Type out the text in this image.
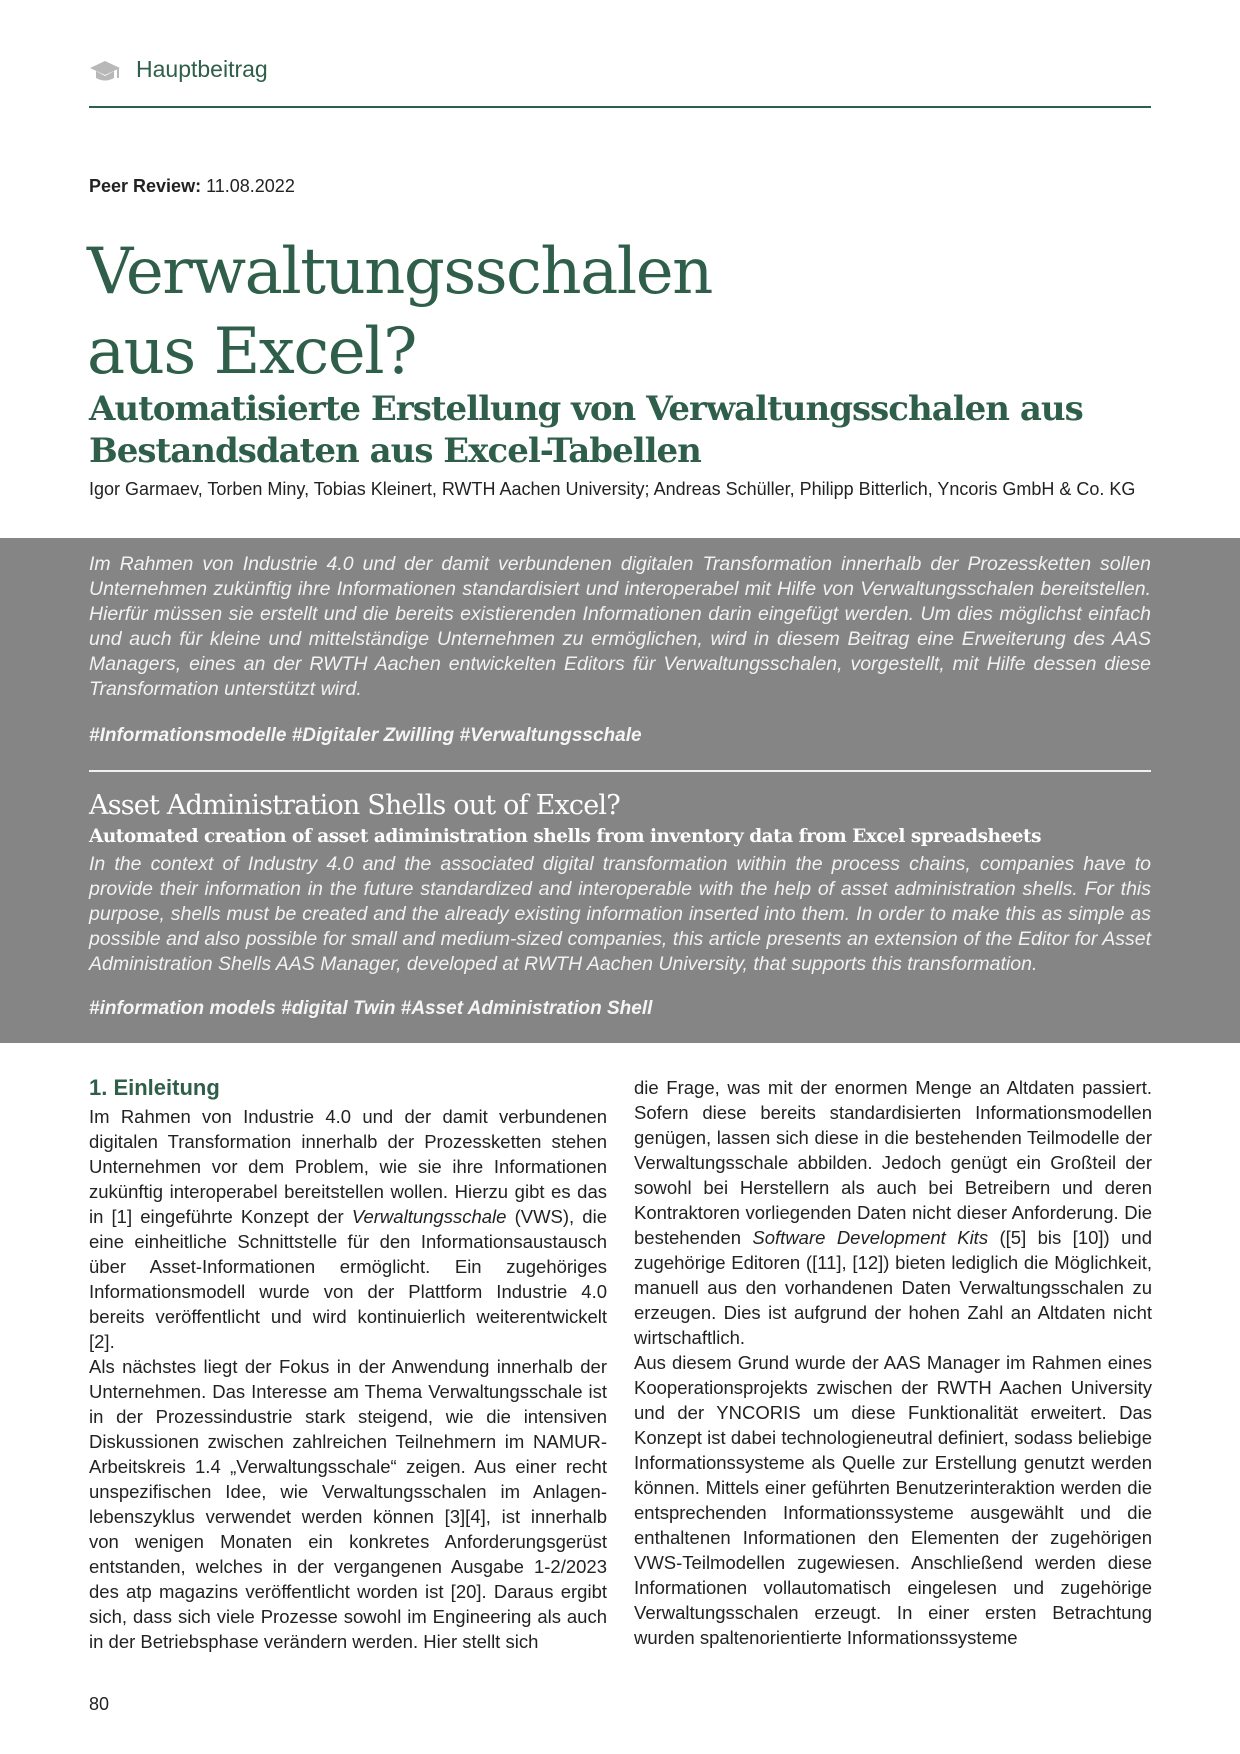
Hauptbeitrag
Peer Review: 11.08.2022
Verwaltungsschalen
aus Excel?
Automatisierte Erstellung von Verwaltungsschalen aus Bestandsdaten aus Excel-Tabellen
Igor Garmaev, Torben Miny, Tobias Kleinert, RWTH Aachen University; Andreas Schüller, Philipp Bitterlich, Yncoris GmbH & Co. KG
Im Rahmen von Industrie 4.0 und der damit verbundenen digitalen Transformation innerhalb der Prozessketten sollen Unternehmen zukünftig ihre Informationen standardisiert und interoperabel mit Hilfe von Verwaltungsschalen bereitstellen. Hierfür müssen sie erstellt und die bereits existierenden Informationen darin eingefügt werden. Um dies möglichst einfach und auch für kleine und mittelständige Unternehmen zu ermöglichen, wird in diesem Beitrag eine Erweiterung des AAS Managers, eines an der RWTH Aachen entwickelten Editors für Verwaltungsschalen, vorgestellt, mit Hilfe dessen diese Transformation unterstützt wird.
#Informationsmodelle #Digitaler Zwilling #Verwaltungsschale
Asset Administration Shells out of Excel?
Automated creation of asset adiministration shells from inventory data from Excel spreadsheets
In the context of Industry 4.0 and the associated digital transformation within the process chains, companies have to provide their information in the future standardized and interoperable with the help of asset administration shells. For this purpose, shells must be created and the already existing information inserted into them. In order to make this as simple as possible and also possible for small and medium-sized companies, this article presents an extension of the Editor for Asset Administration Shells AAS Manager, developed at RWTH Aachen University, that supports this transformation.
#information models #digital Twin #Asset Administration Shell
1. Einleitung

Im Rahmen von Industrie 4.0 und der damit verbundenen digitalen Transformation innerhalb der Prozessketten stehen Unternehmen vor dem Problem, wie sie ihre Informationen zukünftig interoperabel bereitstellen wollen. Hierzu gibt es das in [1] eingeführte Konzept der Verwaltungsschale (VWS), die eine einheitliche Schnittstelle für den Informationsaustausch über Asset-Informationen ermöglicht. Ein zugehöriges Informationsmodell wurde von der Plattform Industrie 4.0 bereits veröffentlicht und wird kontinuierlich weiterentwickelt [2].

Als nächstes liegt der Fokus in der Anwendung innerhalb der Unternehmen. Das Interesse am Thema Verwaltungsschale ist in der Prozessindustrie stark steigend, wie die intensiven Diskussionen zwischen zahlreichen Teilnehmern im NAMUR-Arbeitskreis 1.4 „Verwaltungsschale“ zeigen. Aus einer recht unspezifischen Idee, wie Verwaltungsschalen im Anlagenlebenszyklus verwendet werden können [3][4], ist innerhalb von wenigen Monaten ein konkretes Anforderungsgerüst entstanden, welches in der vergangenen Ausgabe 1-2/2023 des atp magazins veröffentlicht worden ist [20]. Daraus ergibt sich, dass sich viele Prozesse sowohl im Engineering als auch in der Betriebsphase verändern werden. Hier stellt sich

die Frage, was mit der enormen Menge an Altdaten passiert. Sofern diese bereits standardisierten Informationsmodellen genügen, lassen sich diese in die bestehenden Teilmodelle der Verwaltungsschale abbilden. Jedoch genügt ein Großteil der sowohl bei Herstellern als auch bei Betreibern und deren Kontraktoren vorliegenden Daten nicht dieser Anforderung. Die bestehenden Software Development Kits ([5] bis [10]) und zugehörige Editoren ([11], [12]) bieten lediglich die Möglichkeit, manuell aus den vorhandenen Daten Verwaltungsschalen zu erzeugen. Dies ist aufgrund der hohen Zahl an Altdaten nicht wirtschaftlich.

Aus diesem Grund wurde der AAS Manager im Rahmen eines Kooperationsprojekts zwischen der RWTH Aachen University und der YNCORIS um diese Funktionalität erweitert. Das Konzept ist dabei technologieneutral definiert, sodass beliebige Informationssysteme als Quelle zur Erstellung genutzt werden können. Mittels einer geführten Benutzerinteraktion werden die entsprechenden Informationssysteme ausgewählt und die enthaltenen Informationen den Elementen der zugehörigen VWS-Teilmodellen zugewiesen. Anschließend werden diese Informationen vollautomatisch eingelesen und zugehörige Verwaltungsschalen erzeugt. In einer ersten Betrachtung wurden spaltenorientierte Informationssysteme

80
